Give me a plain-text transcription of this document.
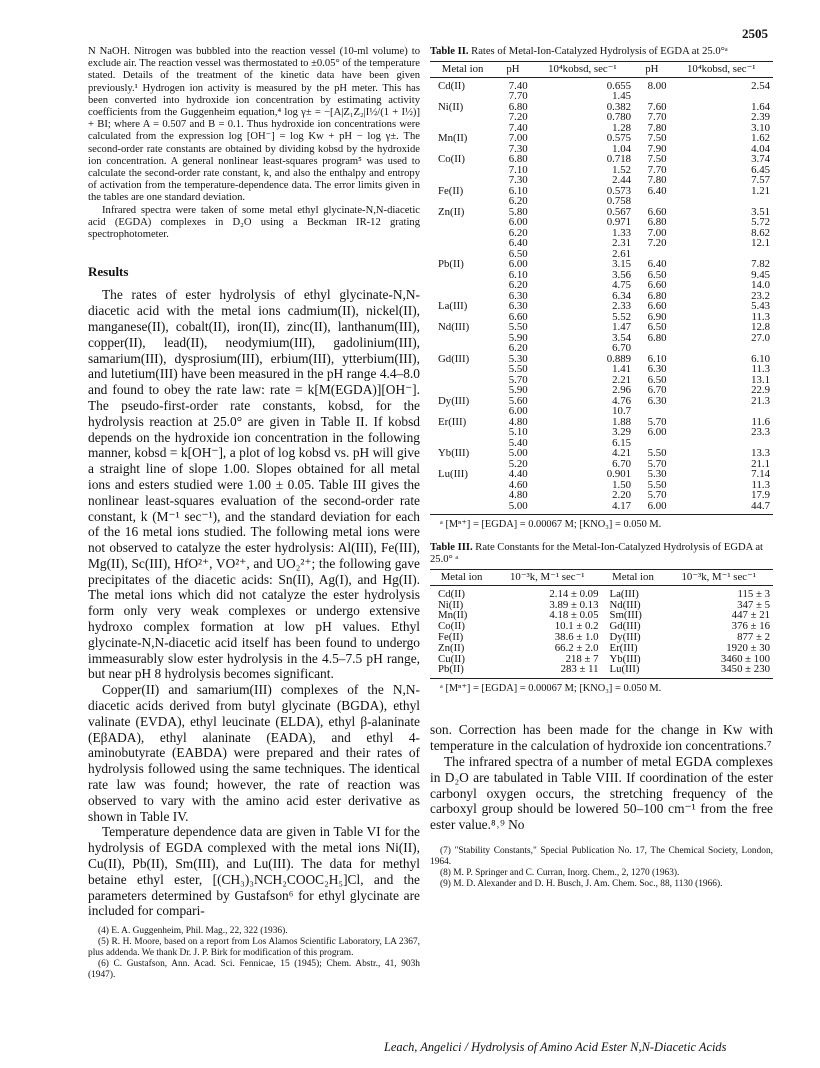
2505

N NaOH. Nitrogen was bubbled into the reaction vessel (10-ml volume) to exclude air. The reaction vessel was thermostated to ±0.05° of the temperature stated. Details of the treatment of the kinetic data have been given previously.¹ Hydrogen ion activity is measured by the pH meter. This has been converted into hydroxide ion concentration by estimating activity coefficients from the Guggenheim equation,⁴ log γ± = −[A|Z₁Z₂|I½/(1 + I½)] + BI; where A = 0.507 and B = 0.1. Thus hydroxide ion concentrations were calculated from the expression log [OH⁻] = log Kw + pH − log γ±. The second-order rate constants are obtained by dividing kobsd by the hydroxide ion concentration. A general nonlinear least-squares program⁵ was used to calculate the second-order rate constant, k, and also the enthalpy and entropy of activation from the temperature-dependence data. The error limits given in the tables are one standard deviation.

Infrared spectra were taken of some metal ethyl glycinate-N,N-diacetic acid (EGDA) complexes in D₂O using a Beckman IR-12 grating spectrophotometer.

Results

The rates of ester hydrolysis of ethyl glycinate-N,N-diacetic acid with the metal ions cadmium(II), nickel(II), manganese(II), cobalt(II), iron(II), zinc(II), lanthanum(III), copper(II), lead(II), neodymium(III), gadolinium(III), samarium(III), dysprosium(III), erbium(III), ytterbium(III), and lutetium(III) have been measured in the pH range 4.4–8.0 and found to obey the rate law: rate = k[M(EGDA)][OH⁻]. The pseudo-first-order rate constants, kobsd, for the hydrolysis reaction at 25.0° are given in Table II. If kobsd depends on the hydroxide ion concentration in the following manner, kobsd = k[OH⁻], a plot of log kobsd vs. pH will give a straight line of slope 1.00. Slopes obtained for all metal ions and esters studied were 1.00 ± 0.05. Table III gives the nonlinear least-squares evaluation of the second-order rate constant, k (M⁻¹ sec⁻¹), and the standard deviation for each of the 16 metal ions studied. The following metal ions were not observed to catalyze the ester hydrolysis: Al(III), Fe(III), Mg(II), Sc(III), HfO²⁺, VO²⁺, and UO₂²⁺; the following gave precipitates of the diacetic acids: Sn(II), Ag(I), and Hg(II). The metal ions which did not catalyze the ester hydrolysis form only very weak complexes or undergo extensive hydroxo complex formation at low pH values. Ethyl glycinate-N,N-diacetic acid itself has been found to undergo immeasurably slow ester hydrolysis in the 4.5–7.5 pH range, but near pH 8 hydrolysis becomes significant.

Copper(II) and samarium(III) complexes of the N,N-diacetic acids derived from butyl glycinate (BGDA), ethyl valinate (EVDA), ethyl leucinate (ELDA), ethyl β-alaninate (EβADA), ethyl alaninate (EADA), and ethyl 4-aminobutyrate (EABDA) were prepared and their rates of hydrolysis followed using the same techniques. The identical rate law was found; however, the rate of reaction was observed to vary with the amino acid ester derivative as shown in Table IV.

Temperature dependence data are given in Table VI for the hydrolysis of EGDA complexed with the metal ions Ni(II), Cu(II), Pb(II), Sm(III), and Lu(III). The data for methyl betaine ethyl ester, [(CH₃)₃NCH₂COOC₂H₅]Cl, and the parameters determined by Gustafson⁶ for ethyl glycinate are included for compari-

(4) E. A. Guggenheim, Phil. Mag., 22, 322 (1936).

(5) R. H. Moore, based on a report from Los Alamos Scientific Laboratory, LA 2367, plus addenda. We thank Dr. J. P. Birk for modification of this program.

(6) C. Gustafson, Ann. Acad. Sci. Fennicae, 15 (1945); Chem. Abstr., 41, 903h (1947).

Table II. Rates of Metal-Ion-Catalyzed Hydrolysis of EGDA at 25.0°ᵃ
Metal ion	pH	10⁴kobsd, sec⁻¹	pH	10⁴kobsd, sec⁻¹
Cd(II)	7.40	0.655	8.00	2.54
	7.70	1.45		
Ni(II)	6.80	0.382	7.60	1.64
	7.20	0.780	7.70	2.39
	7.40	1.28	7.80	3.10
Mn(II)	7.00	0.575	7.50	1.62
	7.30	1.04	7.90	4.04
Co(II)	6.80	0.718	7.50	3.74
	7.10	1.52	7.70	6.45
	7.30	2.44	7.80	7.57
Fe(II)	6.10	0.573	6.40	1.21
	6.20	0.758		
Zn(II)	5.80	0.567	6.60	3.51
	6.00	0.971	6.80	5.72
	6.20	1.33	7.00	8.62
	6.40	2.31	7.20	12.1
	6.50	2.61		
Pb(II)	6.00	3.15	6.40	7.82
	6.10	3.56	6.50	9.45
	6.20	4.75	6.60	14.0
	6.30	6.34	6.80	23.2
La(III)	6.30	2.33	6.60	5.43
	6.60	5.52	6.90	11.3
Nd(III)	5.50	1.47	6.50	12.8
	5.90	3.54	6.80	27.0
	6.20	6.70		
Gd(III)	5.30	0.889	6.10	6.10
	5.50	1.41	6.30	11.3
	5.70	2.21	6.50	13.1
	5.90	2.96	6.70	22.9
Dy(III)	5.60	4.76	6.30	21.3
	6.00	10.7		
Er(III)	4.80	1.88	5.70	11.6
	5.10	3.29	6.00	23.3
	5.40	6.15		
Yb(III)	5.00	4.21	5.50	13.3
	5.20	6.70	5.70	21.1
Lu(III)	4.40	0.901	5.30	7.14
	4.60	1.50	5.50	11.3
	4.80	2.20	5.70	17.9
	5.00	4.17	6.00	44.7
ᵃ [Mⁿ⁺] = [EGDA] = 0.00067 M; [KNO₃] = 0.050 M.
Table III. Rate Constants for the Metal-Ion-Catalyzed Hydrolysis of EGDA at 25.0° ᵃ
Metal ion	10⁻³k, M⁻¹ sec⁻¹	Metal ion	10⁻³k, M⁻¹ sec⁻¹
Cd(II)	2.14 ± 0.09	La(III)	115 ± 3
Ni(II)	3.89 ± 0.13	Nd(III)	347 ± 5
Mn(II)	4.18 ± 0.05	Sm(III)	447 ± 21
Co(II)	10.1 ± 0.2	Gd(III)	376 ± 16
Fe(II)	38.6 ± 1.0	Dy(III)	877 ± 2
Zn(II)	66.2 ± 2.0	Er(III)	1920 ± 30
Cu(II)	218 ± 7	Yb(III)	3460 ± 100
Pb(II)	283 ± 11	Lu(III)	3450 ± 230
ᵃ [Mⁿ⁺] = [EGDA] = 0.00067 M; [KNO₃] = 0.050 M.

son. Correction has been made for the change in Kw with temperature in the calculation of hydroxide ion concentrations.⁷

The infrared spectra of a number of metal EGDA complexes in D₂O are tabulated in Table VIII. If coordination of the ester carbonyl oxygen occurs, the stretching frequency of the carboxyl group should be lowered 50–100 cm⁻¹ from the free ester value.⁸˒⁹ No

(7) "Stability Constants," Special Publication No. 17, The Chemical Society, London, 1964.

(8) M. P. Springer and C. Curran, Inorg. Chem., 2, 1270 (1963).

(9) M. D. Alexander and D. H. Busch, J. Am. Chem. Soc., 88, 1130 (1966).

Leach, Angelici / Hydrolysis of Amino Acid Ester N,N-Diacetic Acids
